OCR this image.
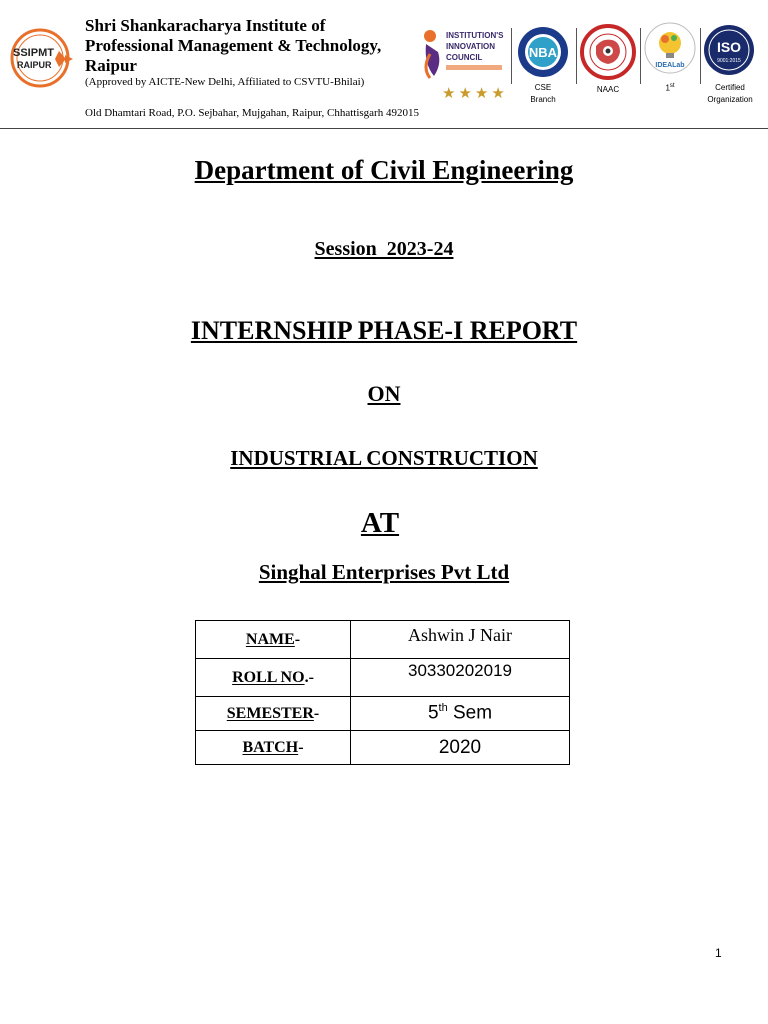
SSIPMT
RAIPUR
Shri Shankaracharya Institute of Professional Management & Technology, Raipur
(Approved by AICTE-New Delhi, Affiliated to CSVTU-Bhilai)
Old Dhamtari Road, P.O. Sejbahar, Mujgahan, Raipur, Chhattisgarh 492015
INSTITUTION'S
INNOVATION
COUNCIL
★★★★
NBA
CSE
Branch
NAAC
IDEALab
1st
ISO
9001:2015
Certified
Organization
Department of Civil Engineering
Session  2023-24
INTERNSHIP PHASE-I REPORT
ON
INDUSTRIAL CONSTRUCTION
AT
Singhal Enterprises Pvt Ltd
NAME-	Ashwin J Nair
ROLL NO.-	30330202019
SEMESTER-	5th Sem
BATCH-	2020
1
